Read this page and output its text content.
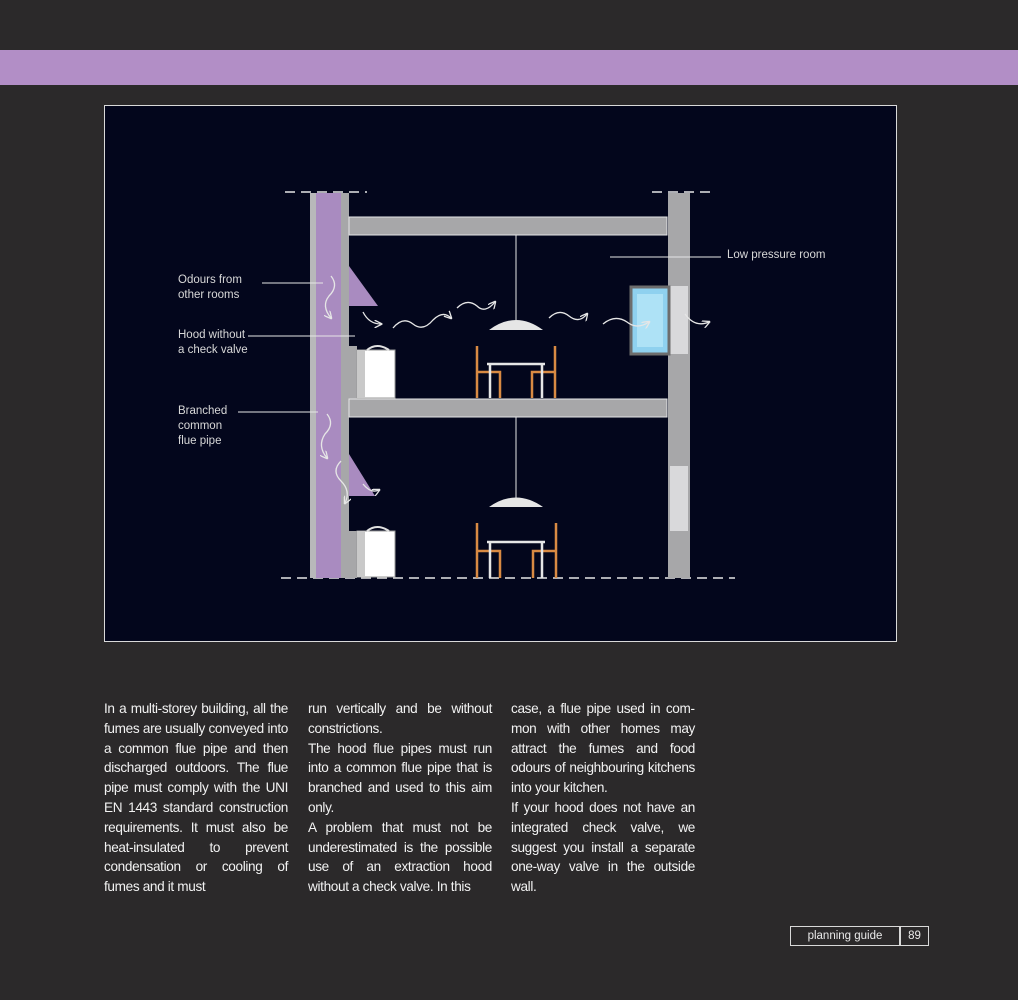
Odours from
other rooms
Hood without
a check valve
Branched
common
flue pipe
Low pressure room

In a multi-storey building, all the fumes are usually conveyed into a common flue pipe and then discharged outdoors. The flue pipe must comply with the UNI EN 1443 standard construction requirements. It must also be heat-insulated to prevent condensation or cooling of fumes and it must

run vertically and be without constrictions.

The hood flue pipes must run into a common flue pipe that is branched and used to this aim only.

A problem that must not be underestimated is the possible use of an extraction hood without a check valve. In this

case, a flue pipe used in common with other homes may attract the fumes and food odours of neighbouring kitchens into your kitchen.

If your hood does not have an integrated check valve, we suggest you install a separate one-way valve in the outside wall.

planning guide	89
